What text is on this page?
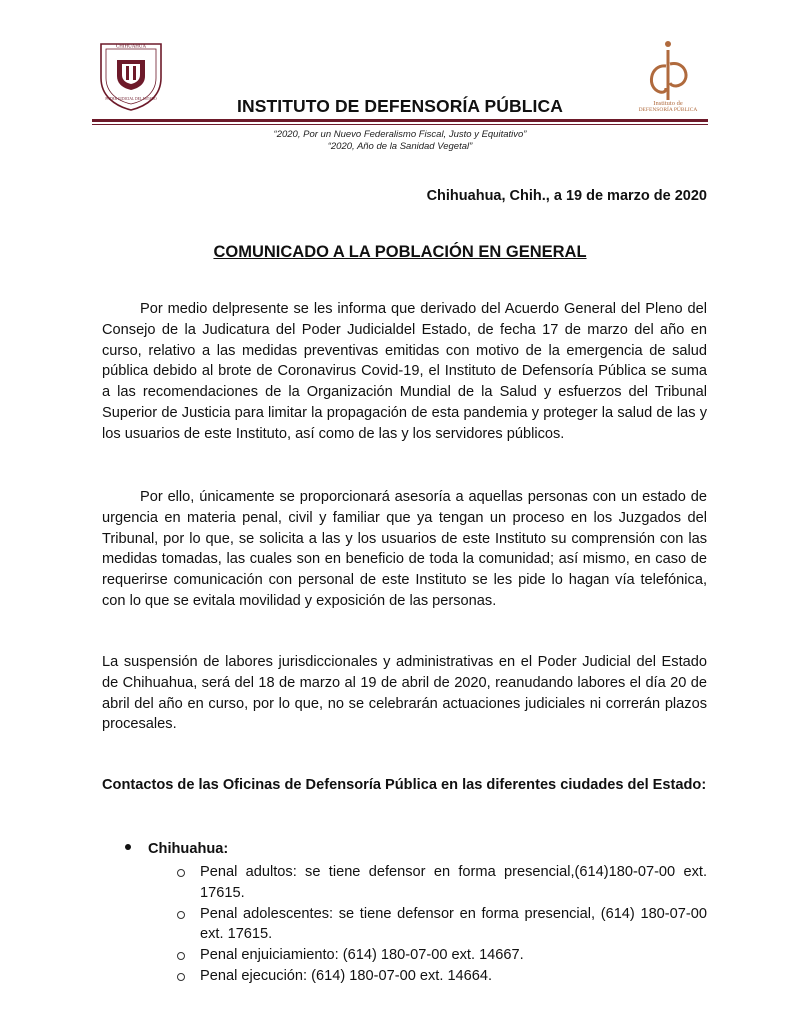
CHIHUAHUA
PODER JUDICIAL DEL ESTADO
Instituto de
DEFENSORÍA PÚBLICA
INSTITUTO DE DEFENSORÍA PÚBLICA
“2020, Por un Nuevo Federalismo Fiscal, Justo y Equitativo”
“2020, Año de la Sanidad Vegetal”
Chihuahua, Chih., a 19 de marzo de 2020
COMUNICADO A LA POBLACIÓN EN GENERAL

Por medio delpresente se les informa que derivado del Acuerdo General del Pleno del Consejo de la Judicatura del Poder Judicialdel Estado, de fecha 17 de marzo del año en curso, relativo a las medidas preventivas emitidas con motivo de la emergencia de salud pública debido al brote de Coronavirus Covid-19, el Instituto de Defensoría Pública se suma a las recomendaciones de la Organización Mundial de la Salud y esfuerzos del Tribunal Superior de Justicia para limitar la propagación de esta pandemia y proteger la salud de las y los usuarios de este Instituto, así como de las y los servidores públicos.

Por ello, únicamente se proporcionará asesoría a aquellas personas con un estado de urgencia en materia penal, civil y familiar que ya tengan un proceso en los Juzgados del Tribunal, por lo que, se solicita a las y los usuarios de este Instituto su comprensión con las medidas tomadas, las cuales son en beneficio de toda la comunidad; así mismo, en caso de requerirse comunicación con personal de este Instituto se les pide lo hagan vía telefónica, con lo que se evitala movilidad y exposición de las personas.

La suspensión de labores jurisdiccionales y administrativas en el Poder Judicial del Estado de Chihuahua, será del 18 de marzo al 19 de abril de 2020, reanudando labores el día 20 de abril del año en curso, por lo que, no se celebrarán actuaciones judiciales ni correrán plazos procesales.

Contactos de las Oficinas de Defensoría Pública en las diferentes ciudades del Estado:

Chihuahua:
Penal adultos: se tiene defensor en forma presencial,(614)180-07-00 ext. 17615.
Penal adolescentes: se tiene defensor en forma presencial, (614) 180-07-00 ext. 17615.
Penal enjuiciamiento: (614) 180-07-00 ext. 14667.
Penal ejecución: (614) 180-07-00 ext. 14664.
